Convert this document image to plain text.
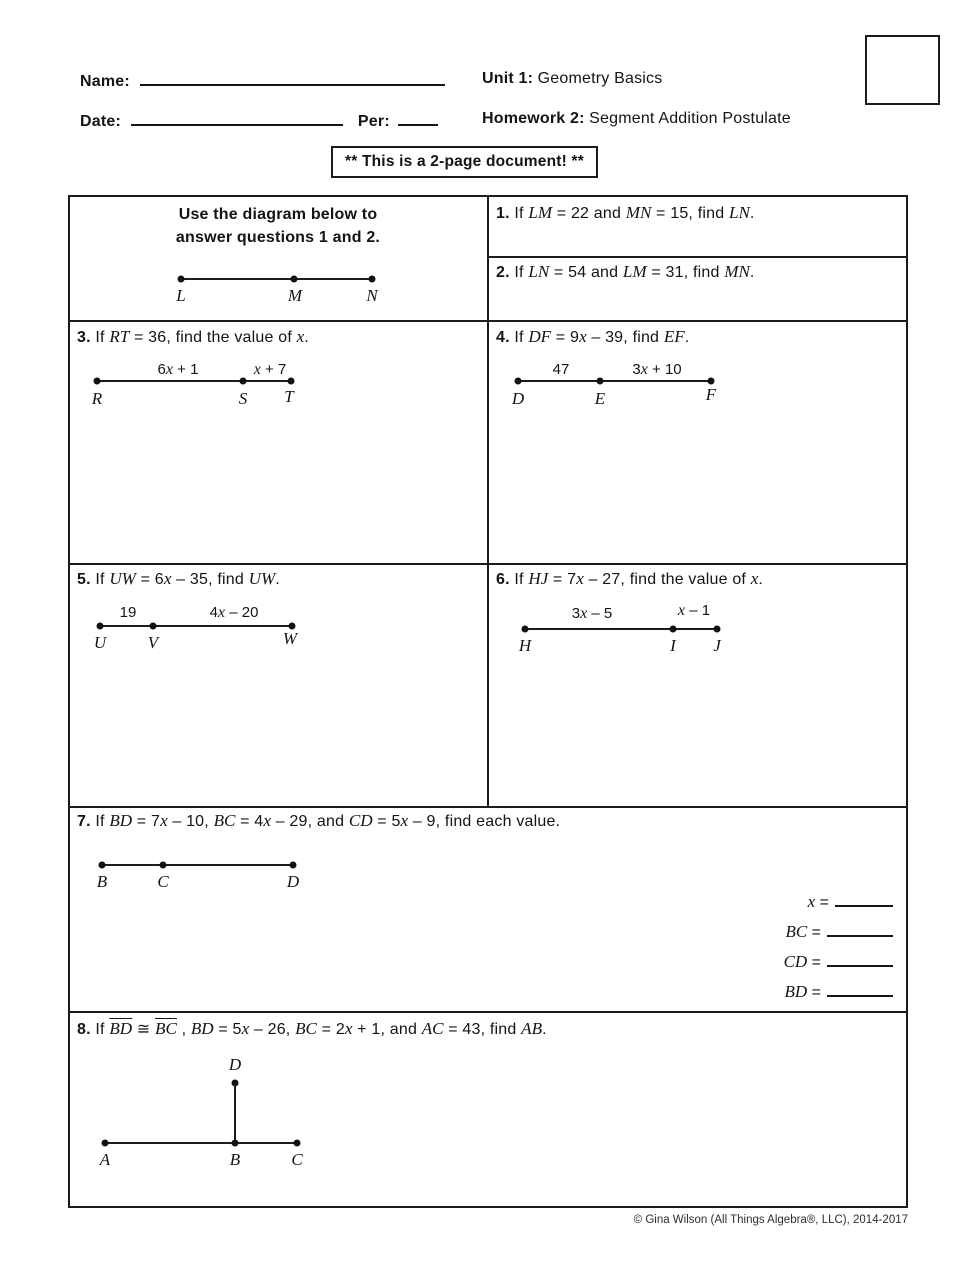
Name:	Unit 1: Geometry Basics
Date:	Per:	Homework 2: Segment Addition Postulate
** This is a 2-page document! **
Use the diagram below to
answer questions 1 and 2.
L	M	N
1. If LM = 22 and MN = 15, find LN.
2. If LN = 54 and LM = 31, find MN.
3. If RT = 36, find the value of x.
6x + 1	x + 7
R	S T
4. If DF = 9x – 39, find EF.
47	3x + 10
D	E	F
5. If UW = 6x – 35, find UW.
19	4x – 20
U V	W
6. If HJ = 7x – 27, find the value of x.
3x – 5	x – 1
H	I J
7. If BD = 7x – 10, BC = 4x – 29, and CD = 5x – 9, find each value.
B	C	D
x =
BC =
CD =
BD =
8. If $\overline{BD}$ ≅ $\overline{BC}$ , BD = 5x – 26, BC = 2x + 1, and AC = 43, find AB.
D
A	B	C
© Gina Wilson (All Things Algebra®, LLC), 2014-2017
